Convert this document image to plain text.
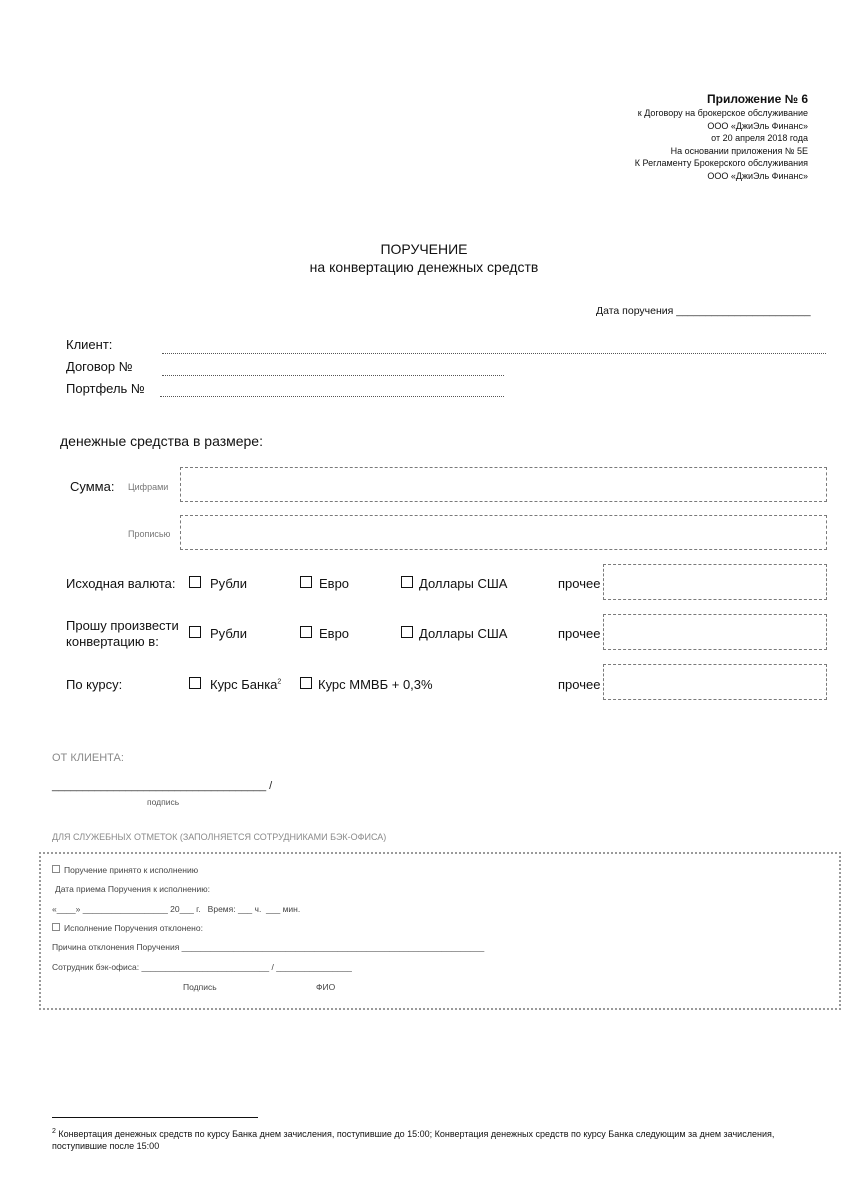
Приложение № 6
к Договору на брокерское обслуживание
ООО «ДжиЭль Финанс»
от 20 апреля 2018 года
На основании приложения № 5Е
К Регламенту Брокерского обслуживания
ООО «ДжиЭль Финанс»
ПОРУЧЕНИЕ
на конвертацию денежных средств
Дата поручения _______________________
Клиент:
Договор №
Портфель №
денежные средства в размере:
Сумма: Цифрами
Прописью
Исходная валюта:	Рубли	Евро	Доллары США	прочее
Прошу произвести
конвертацию в:
Рубли	Евро	Доллары США	прочее
По курсу:	Курс Банка$^2$	Курс ММВБ + 0,3%	прочее
ОТ КЛИЕНТА:
___________________________________ /
подпись
ДЛЯ СЛУЖЕБНЫХ ОТМЕТОК (ЗАПОЛНЯЕТСЯ СОТРУДНИКАМИ БЭК-ОФИСА)
Поручение принято к исполнению
Дата приема Поручения к исполнению:
«____» __________________ 20___ г.   Время: ___ ч.  ___ мин.
Исполнение Поручения отклонено:
Причина отклонения Поручения ________________________________________________________________
Сотрудник бэк-офиса: ___________________________ / ________________
Подпись	ФИО
$^2$ Конвертация денежных средств по курсу Банка днем зачисления, поступившие до 15:00; Конвертация денежных средств по курсу Банка следующим за днем зачисления, поступившие после 15:00
